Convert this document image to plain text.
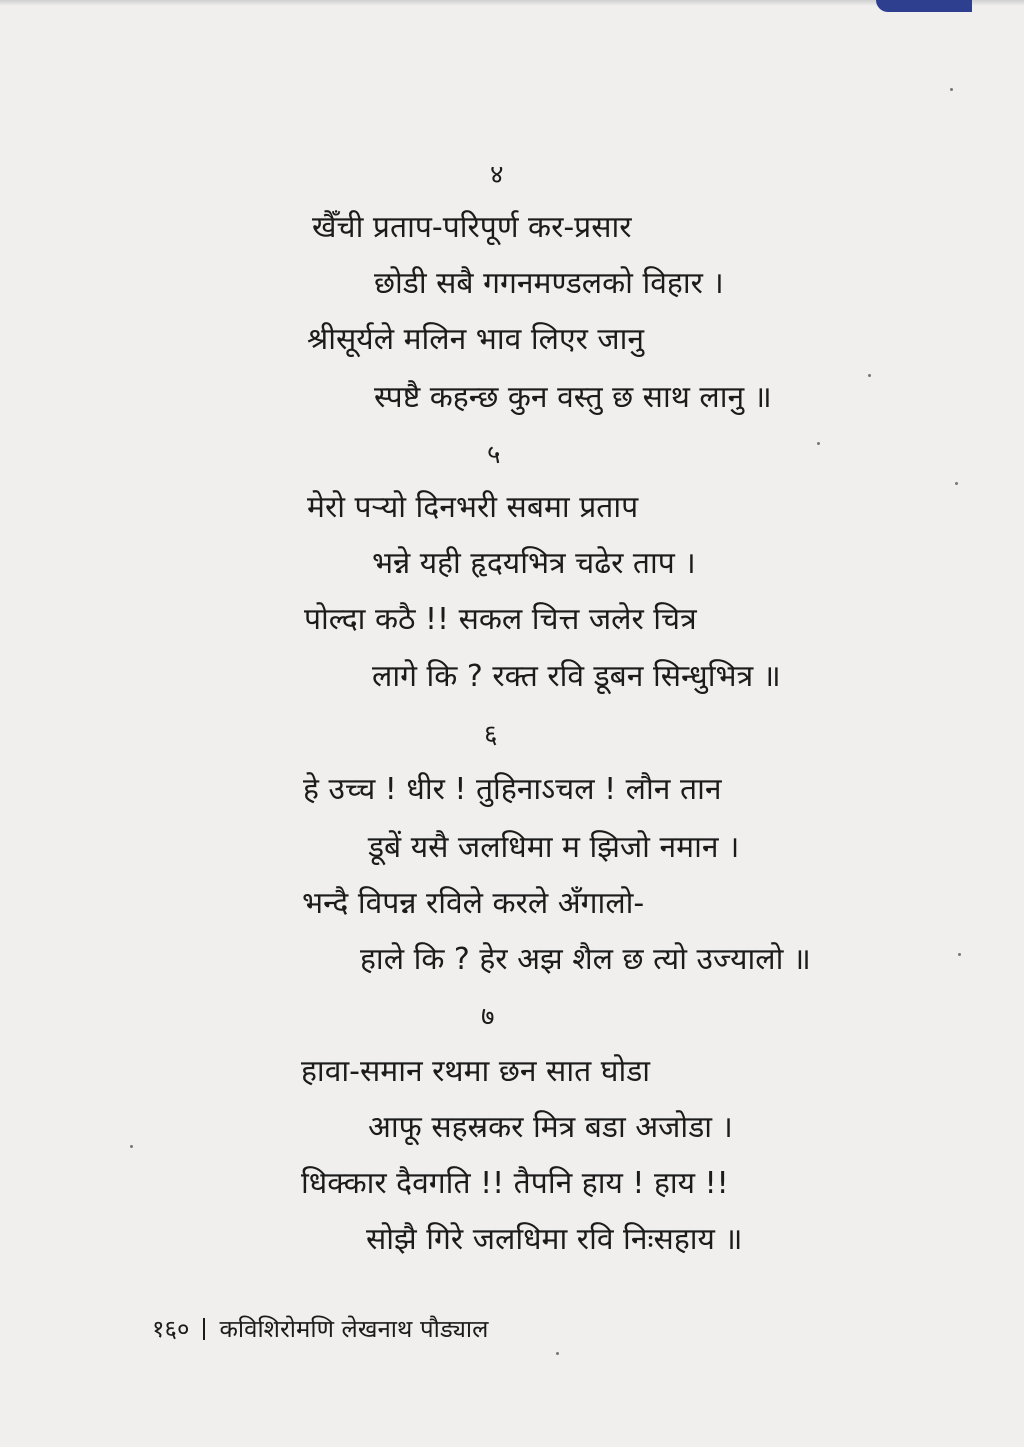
४
खैँची प्रताप-परिपूर्ण कर-प्रसार
छोडी सबै गगनमण्डलको विहार ।
श्रीसूर्यले मलिन भाव लिएर जानु
स्पष्टै कहन्छ कुन वस्तु छ साथ लानु ॥
५
मेरो पर्‍यो दिनभरी सबमा प्रताप
भन्ने यही हृदयभित्र चढेर ताप ।
पोल्दा कठै !! सकल चित्त जलेर चित्र
लागे कि ? रक्त रवि डूबन सिन्धुभित्र ॥
६
हे उच्च ! धीर ! तुहिनाऽचल ! लौन तान
डूबें यसै जलधिमा म झिजो नमान ।
भन्दै विपन्न रविले करले अँगालो-
हाले कि ? हेर अझ शैल छ त्यो उज्यालो ॥
७
हावा-समान रथमा छन सात घोडा
आफू सहस्रकर मित्र बडा अजोडा ।
धिक्कार दैवगति !! तैपनि हाय ! हाय !!
सोझै गिरे जलधिमा रवि निःसहाय ॥
१६० कविशिरोमणि लेखनाथ पौड्याल
